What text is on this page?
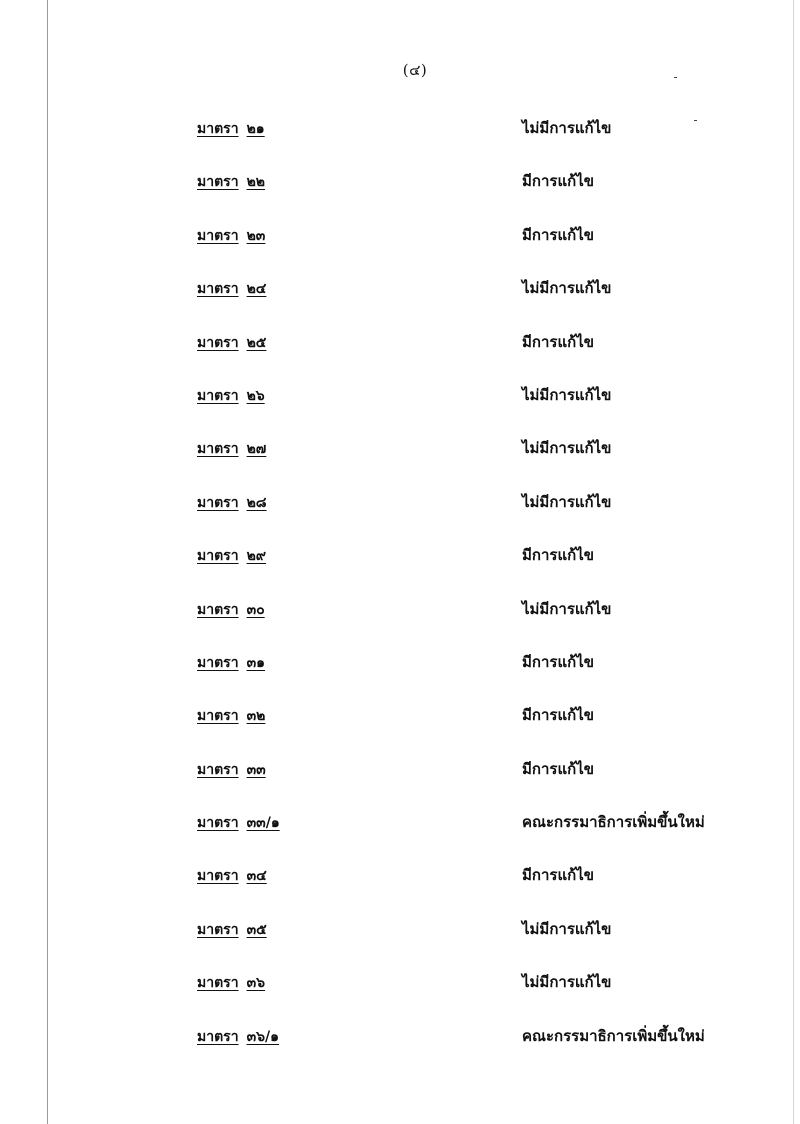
(๔)
มาตรา ๒๑	ไม่มีการแก้ไข
มาตรา ๒๒	มีการแก้ไข
มาตรา ๒๓	มีการแก้ไข
มาตรา ๒๔	ไม่มีการแก้ไข
มาตรา ๒๕	มีการแก้ไข
มาตรา ๒๖	ไม่มีการแก้ไข
มาตรา ๒๗	ไม่มีการแก้ไข
มาตรา ๒๘	ไม่มีการแก้ไข
มาตรา ๒๙	มีการแก้ไข
มาตรา ๓๐	ไม่มีการแก้ไข
มาตรา ๓๑	มีการแก้ไข
มาตรา ๓๒	มีการแก้ไข
มาตรา ๓๓	มีการแก้ไข
มาตรา ๓๓/๑	คณะกรรมาธิการเพิ่มขึ้นใหม่
มาตรา ๓๔	มีการแก้ไข
มาตรา ๓๕	ไม่มีการแก้ไข
มาตรา ๓๖	ไม่มีการแก้ไข
มาตรา ๓๖/๑	คณะกรรมาธิการเพิ่มขึ้นใหม่
